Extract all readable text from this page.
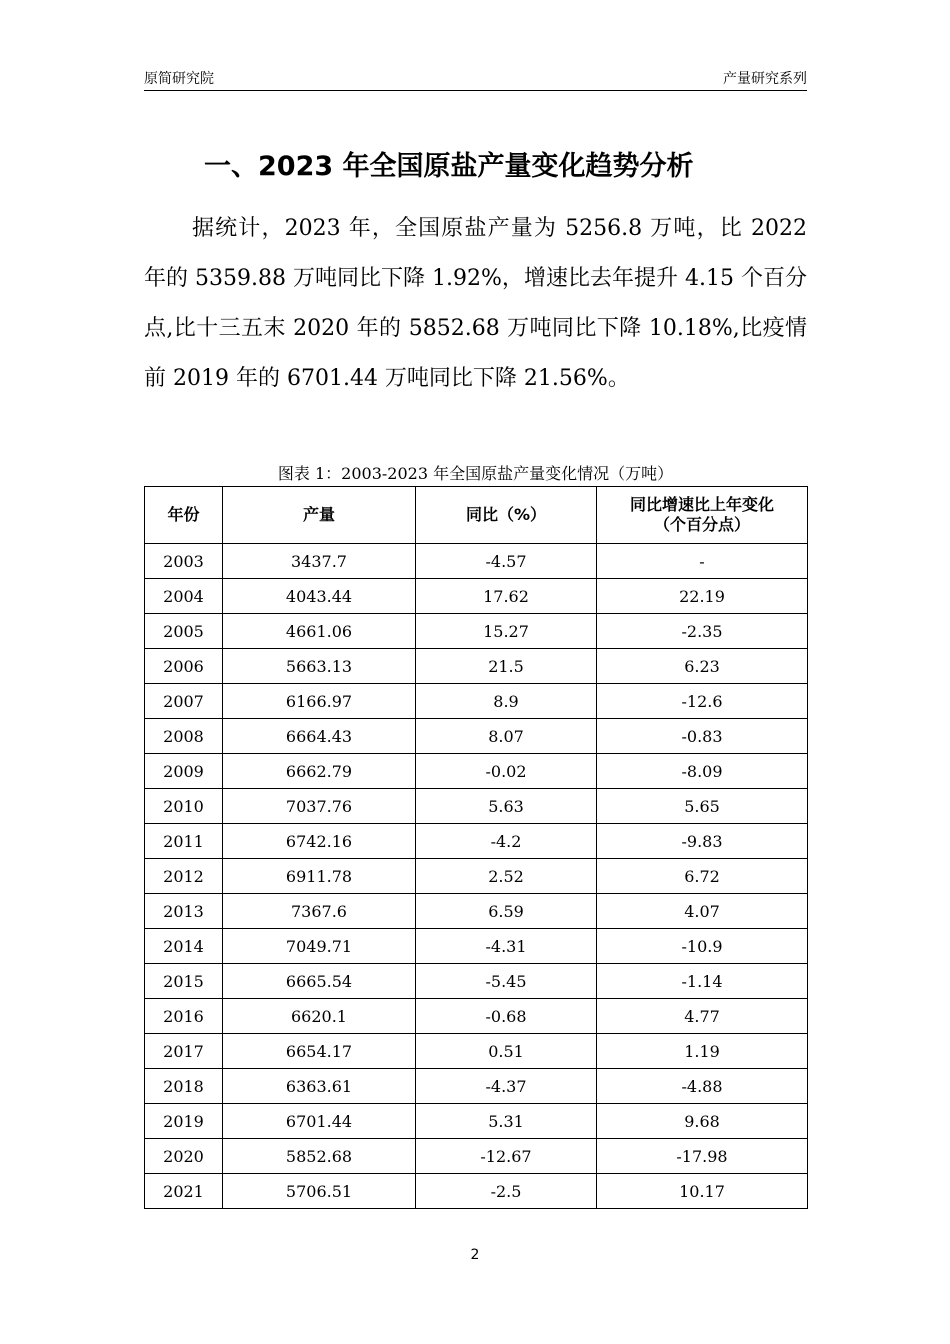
原简研究院	产量研究系列
一、2023 年全国原盐产量变化趋势分析

据统计，2023 年，全国原盐产量为 5256.8 万吨，比 2022 年的 5359.88 万吨同比下降 1.92%，增速比去年提升 4.15 个百分点,比十三五末 2020 年的 5852.68 万吨同比下降 10.18%,比疫情前 2019 年的 6701.44 万吨同比下降 21.56%。

图表 1：2003-2023 年全国原盐产量变化情况（万吨）
年份	产量	同比（%）	同比增速比上年变化
（个百分点）
2003	3437.7	-4.57	-
2004	4043.44	17.62	22.19
2005	4661.06	15.27	-2.35
2006	5663.13	21.5	6.23
2007	6166.97	8.9	-12.6
2008	6664.43	8.07	-0.83
2009	6662.79	-0.02	-8.09
2010	7037.76	5.63	5.65
2011	6742.16	-4.2	-9.83
2012	6911.78	2.52	6.72
2013	7367.6	6.59	4.07
2014	7049.71	-4.31	-10.9
2015	6665.54	-5.45	-1.14
2016	6620.1	-0.68	4.77
2017	6654.17	0.51	1.19
2018	6363.61	-4.37	-4.88
2019	6701.44	5.31	9.68
2020	5852.68	-12.67	-17.98
2021	5706.51	-2.5	10.17
2
